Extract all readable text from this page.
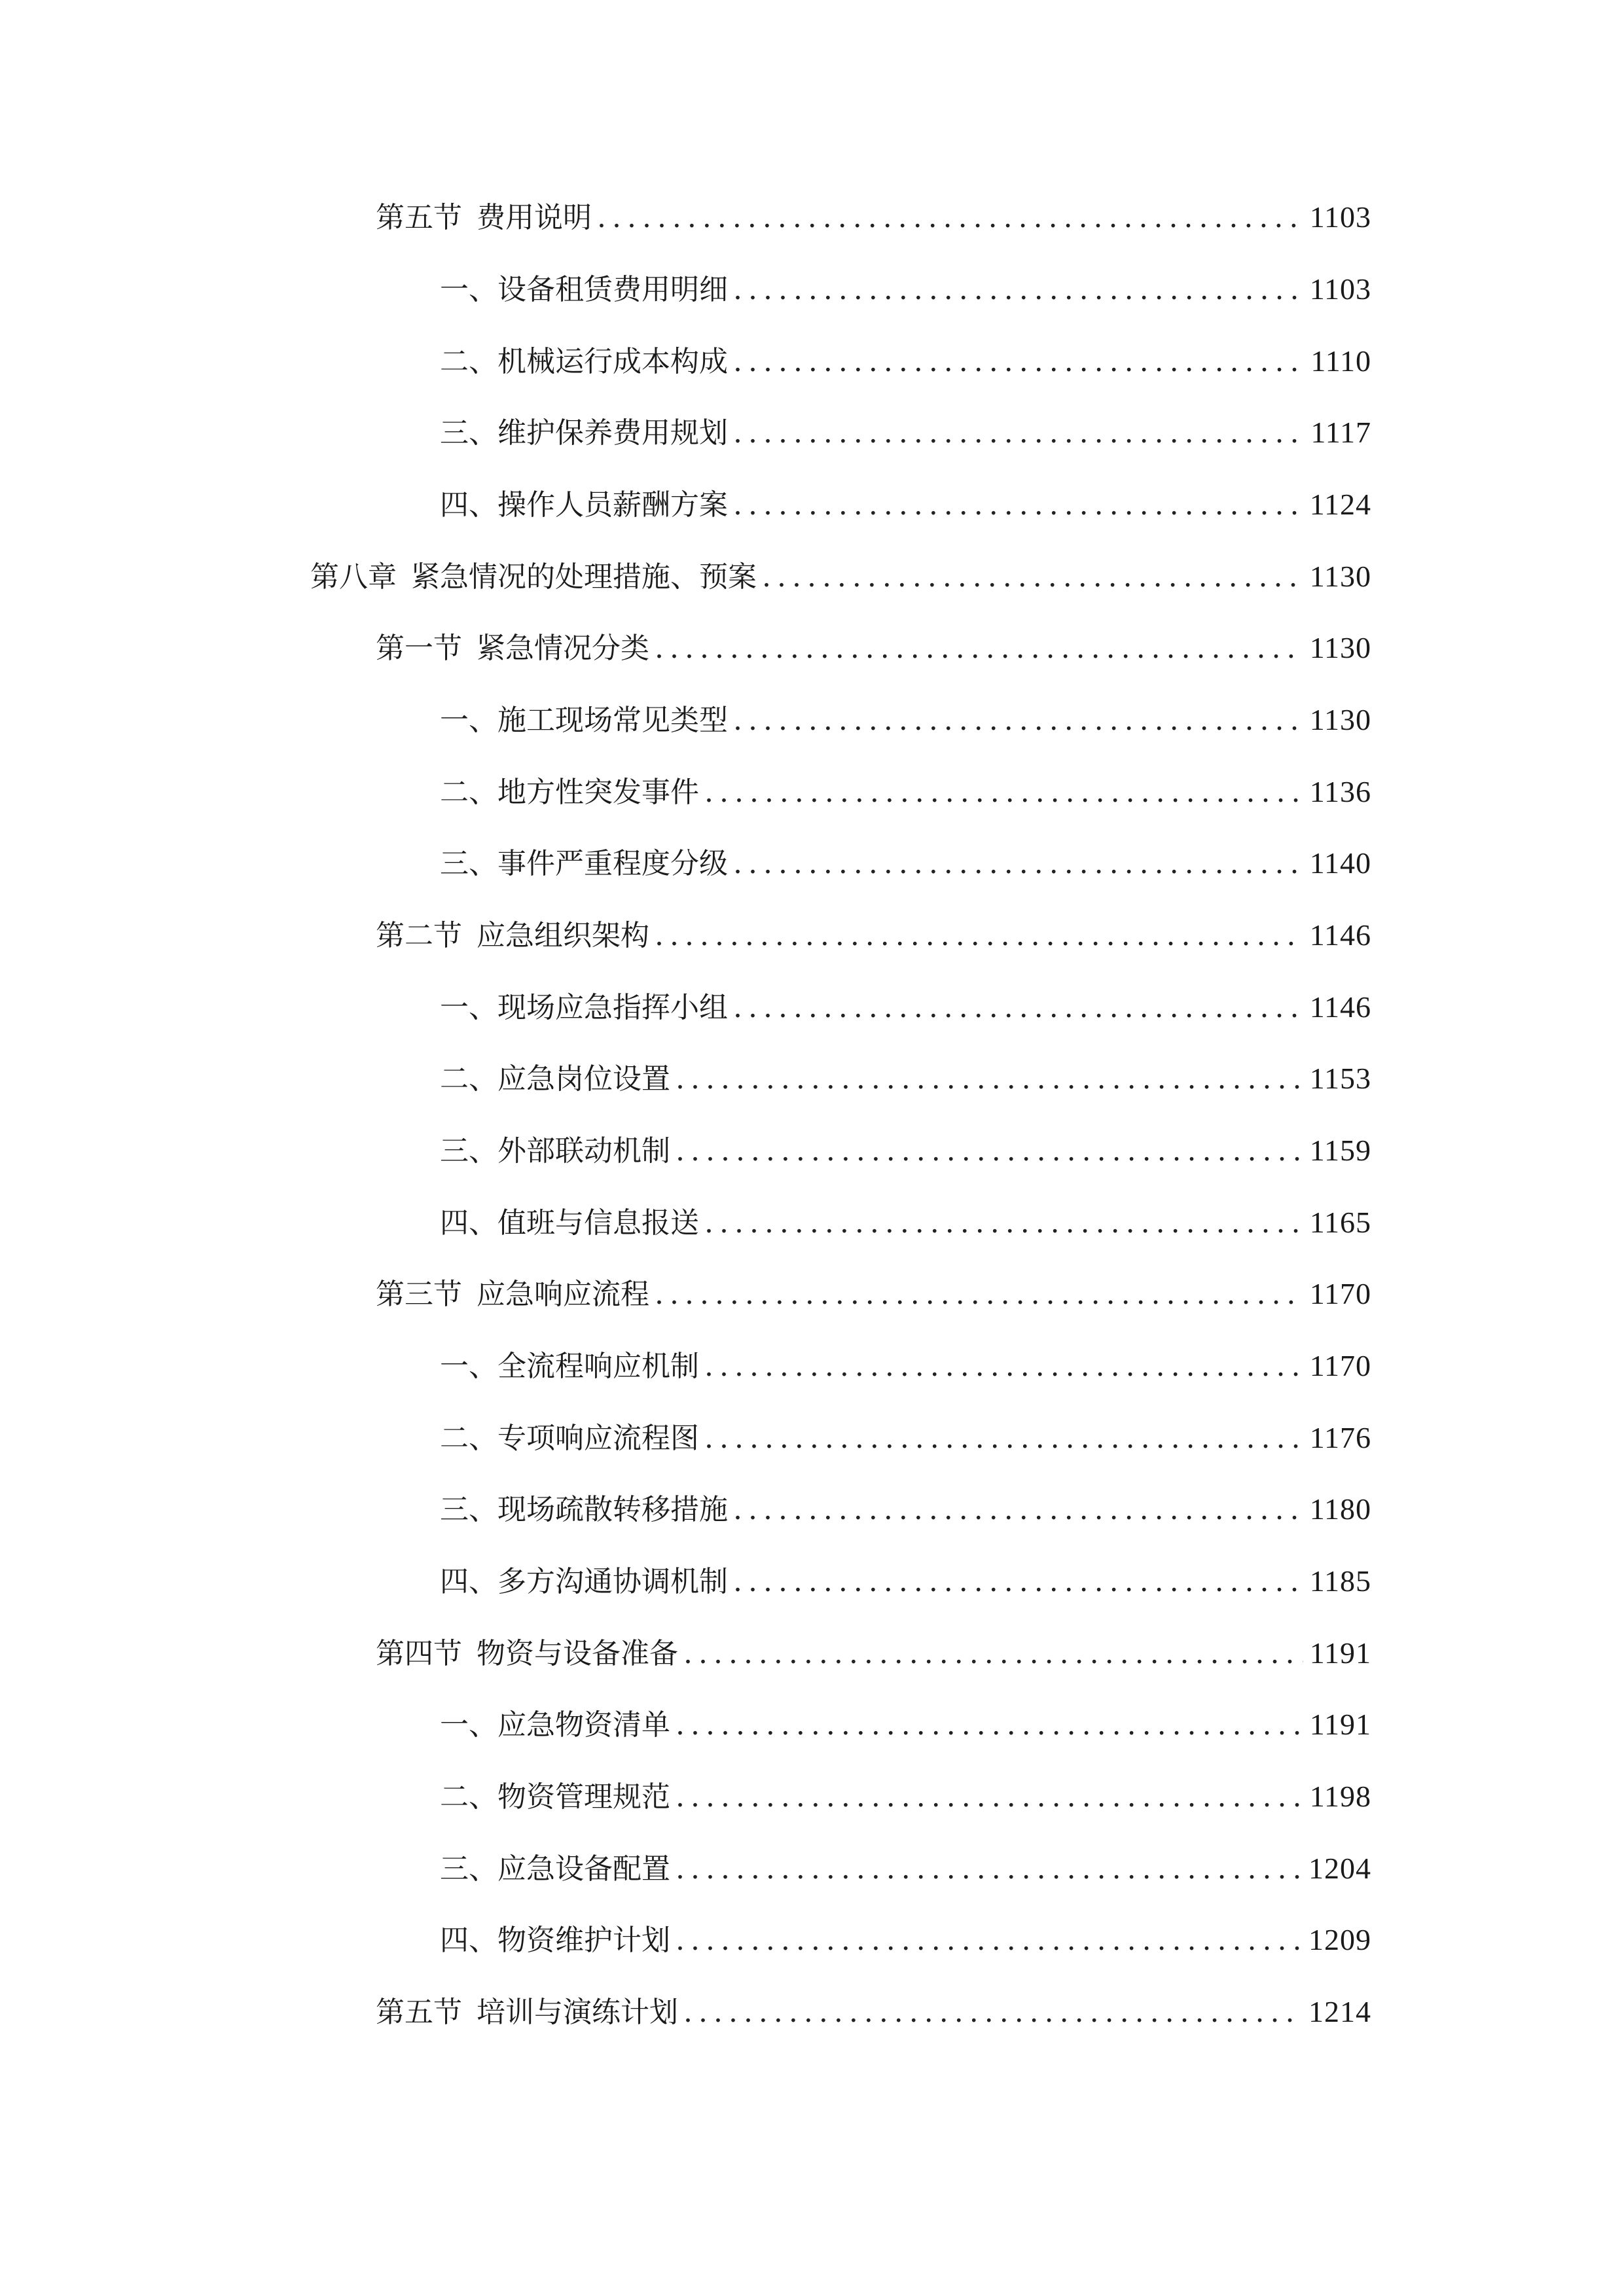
第五节 费用说明 .....	1103
一、 设备租赁费用明细 .....	1103
二、 机械运行成本构成 .....	1110
三、 维护保养费用规划 .....	1117
四、 操作人员薪酬方案 .....	1124
第八章 紧急情况的处理措施、预案 .....	1130
第一节 紧急情况分类 .....	1130
一、 施工现场常见类型 .....	1130
二、 地方性突发事件 .....	1136
三、 事件严重程度分级 .....	1140
第二节 应急组织架构 .....	1146
一、 现场应急指挥小组 .....	1146
二、 应急岗位设置 .....	1153
三、 外部联动机制 .....	1159
四、 值班与信息报送 .....	1165
第三节 应急响应流程 .....	1170
一、 全流程响应机制 .....	1170
二、 专项响应流程图 .....	1176
三、 现场疏散转移措施 .....	1180
四、 多方沟通协调机制 .....	1185
第四节 物资与设备准备 .....	1191
一、 应急物资清单 .....	1191
二、 物资管理规范 .....	1198
三、 应急设备配置 .....	1204
四、 物资维护计划 .....	1209
第五节 培训与演练计划 .....	1214
